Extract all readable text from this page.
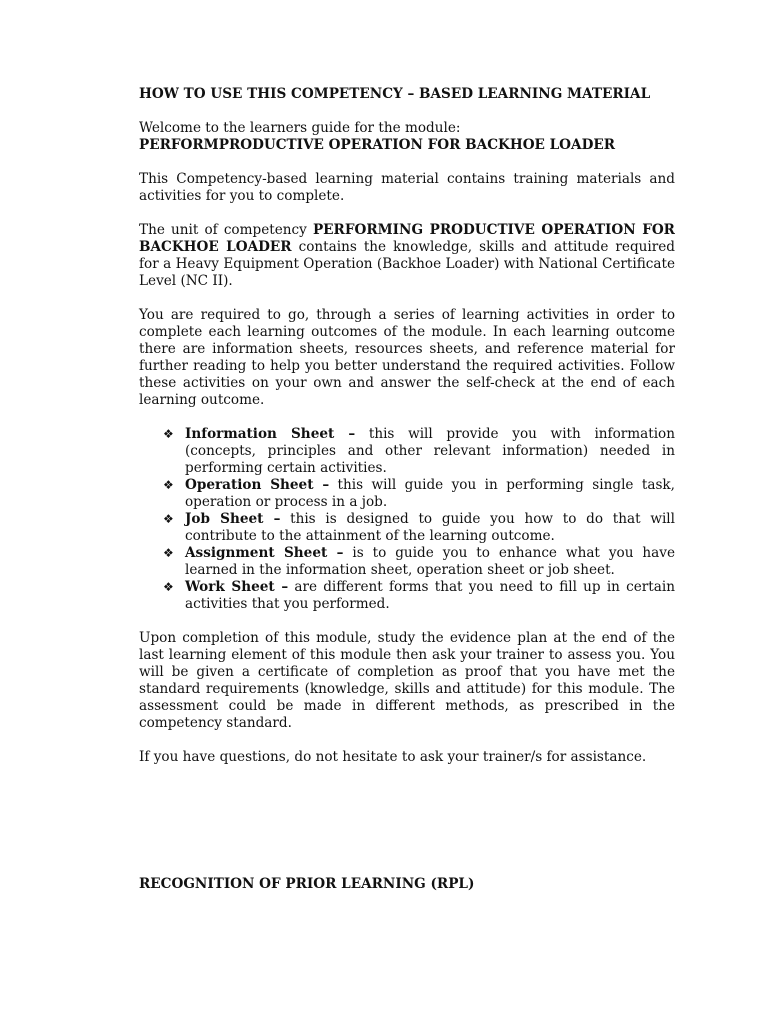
HOW TO USE THIS COMPETENCY – BASED LEARNING MATERIAL

Welcome to the learners guide for the module:

PERFORMPRODUCTIVE OPERATION FOR BACKHOE LOADER

This Competency-based learning material contains training materials and activities for you to complete.

The unit of competency PERFORMING PRODUCTIVE OPERATION FOR BACKHOE LOADER contains the knowledge, skills and attitude required for a Heavy Equipment Operation (Backhoe Loader) with National Certificate Level (NC II).

You are required to go, through a series of learning activities in order to complete each learning outcomes of the module. In each learning outcome there are information sheets, resources sheets, and reference material for further reading to help you better understand the required activities. Follow these activities on your own and answer the self-check at the end of each learning outcome.

❖ Information Sheet – this will provide you with information (concepts, principles and other relevant information) needed in performing certain activities.
❖ Operation Sheet – this will guide you in performing single task, operation or process in a job.
❖ Job Sheet – this is designed to guide you how to do that will contribute to the attainment of the learning outcome.
❖ Assignment Sheet – is to guide you to enhance what you have learned in the information sheet, operation sheet or job sheet.
❖ Work Sheet – are different forms that you need to fill up in certain activities that you performed.

Upon completion of this module, study the evidence plan at the end of the last learning element of this module then ask your trainer to assess you. You will be given a certificate of completion as proof that you have met the standard requirements (knowledge, skills and attitude) for this module. The assessment could be made in different methods, as prescribed in the competency standard.

If you have questions, do not hesitate to ask your trainer/s for assistance.

RECOGNITION OF PRIOR LEARNING (RPL)
